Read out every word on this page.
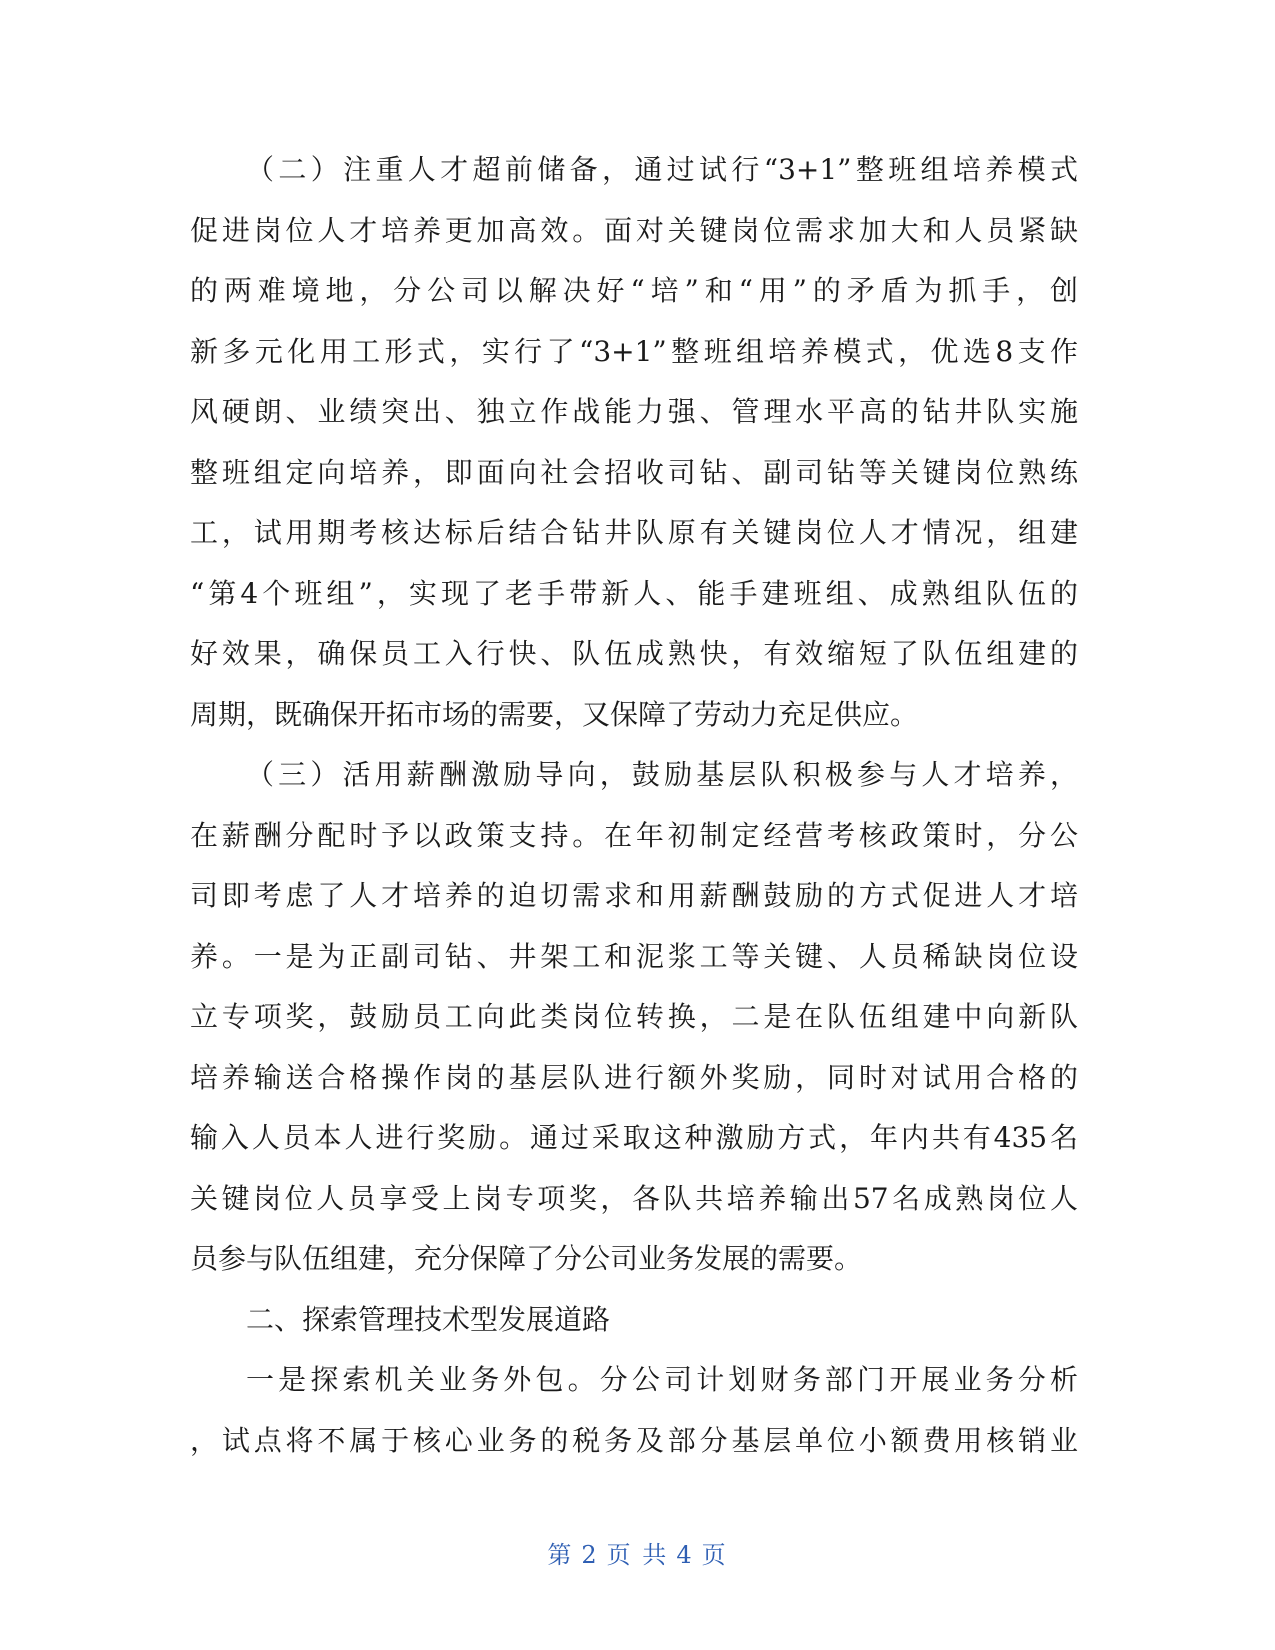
（二）注重人才超前储备，通过试行“3+1”整班组培养模式
促进岗位人才培养更加高效。面对关键岗位需求加大和人员紧缺
的两难境地，分公司以解决好“培”和“用”的矛盾为抓手，创
新多元化用工形式，实行了“3+1”整班组培养模式，优选8支作
风硬朗、业绩突出、独立作战能力强、管理水平高的钻井队实施
整班组定向培养，即面向社会招收司钻、副司钻等关键岗位熟练
工，试用期考核达标后结合钻井队原有关键岗位人才情况，组建
“第4个班组”，实现了老手带新人、能手建班组、成熟组队伍的
好效果，确保员工入行快、队伍成熟快，有效缩短了队伍组建的
周期，既确保开拓市场的需要，又保障了劳动力充足供应。
（三）活用薪酬激励导向，鼓励基层队积极参与人才培养，
在薪酬分配时予以政策支持。在年初制定经营考核政策时，分公
司即考虑了人才培养的迫切需求和用薪酬鼓励的方式促进人才培
养。一是为正副司钻、井架工和泥浆工等关键、人员稀缺岗位设
立专项奖，鼓励员工向此类岗位转换，二是在队伍组建中向新队
培养输送合格操作岗的基层队进行额外奖励，同时对试用合格的
输入人员本人进行奖励。通过采取这种激励方式，年内共有435名
关键岗位人员享受上岗专项奖，各队共培养输出57名成熟岗位人
员参与队伍组建，充分保障了分公司业务发展的需要。
二、探索管理技术型发展道路
一是探索机关业务外包。分公司计划财务部门开展业务分析
，试点将不属于核心业务的税务及部分基层单位小额费用核销业
第 2 页 共 4 页
